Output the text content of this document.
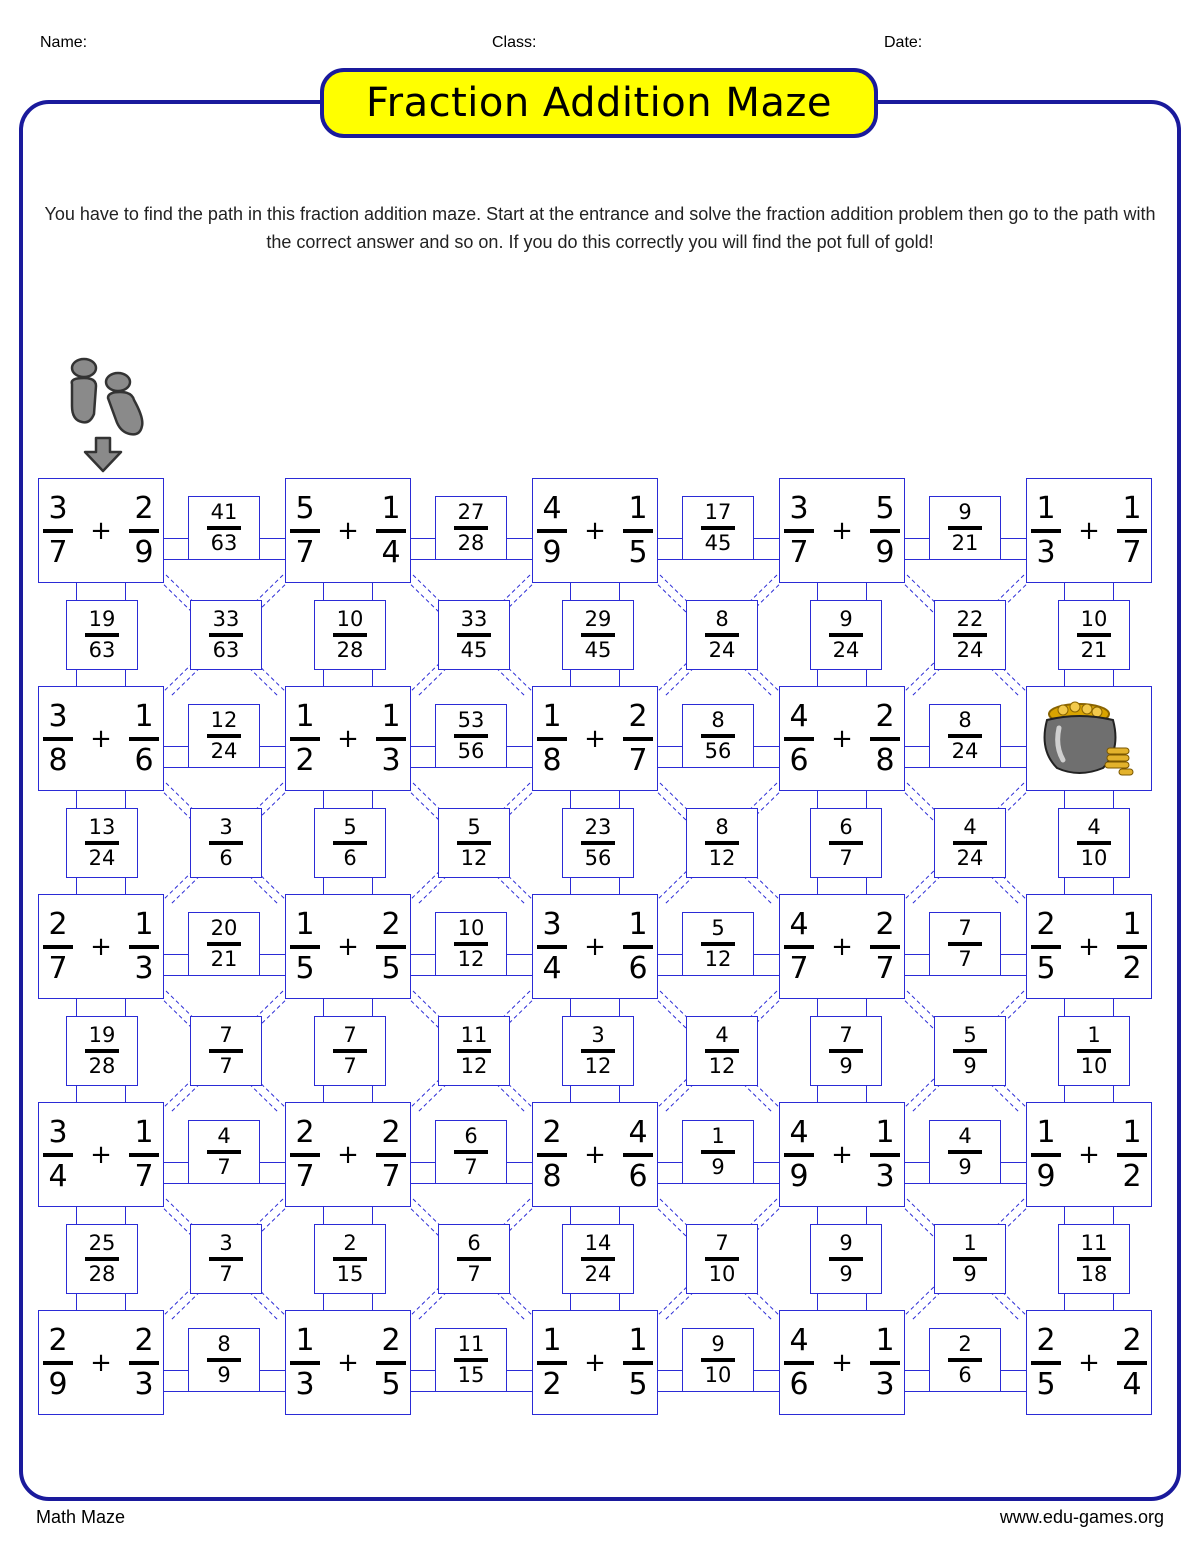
Name:	Class:	Date:
Fraction Addition Maze
You have to find the path in this fraction addition maze. Start at the entrance and solve the fraction addition problem then go to the path with the correct answer and so on. If you do this correctly you will find the pot full of gold!
$\frac{3}{7} + \frac{2}{9}$	$\frac{5}{7} + \frac{1}{4}$	$\frac{4}{9} + \frac{1}{5}$	$\frac{3}{7} + \frac{5}{9}$	$\frac{1}{3} + \frac{1}{7}$
$\frac{3}{8} + \frac{1}{6}$	$\frac{1}{2} + \frac{1}{3}$	$\frac{1}{8} + \frac{2}{7}$	$\frac{4}{6} + \frac{2}{8}$
$\frac{2}{7} + \frac{1}{3}$	$\frac{1}{5} + \frac{2}{5}$	$\frac{3}{4} + \frac{1}{6}$	$\frac{4}{7} + \frac{2}{7}$	$\frac{2}{5} + \frac{1}{2}$
$\frac{3}{4} + \frac{1}{7}$	$\frac{2}{7} + \frac{2}{7}$	$\frac{2}{8} + \frac{4}{6}$	$\frac{4}{9} + \frac{1}{3}$	$\frac{1}{9} + \frac{1}{2}$
$\frac{2}{9} + \frac{2}{3}$	$\frac{1}{3} + \frac{2}{5}$	$\frac{1}{2} + \frac{1}{5}$	$\frac{4}{6} + \frac{1}{3}$	$\frac{2}{5} + \frac{2}{4}$
$\frac{41}{63}$	$\frac{27}{28}$	$\frac{17}{45}$	$\frac{9}{21}$
$\frac{12}{24}$	$\frac{53}{56}$	$\frac{8}{56}$	$\frac{8}{24}$
$\frac{20}{21}$	$\frac{10}{12}$	$\frac{5}{12}$	$\frac{7}{7}$
$\frac{4}{7}$	$\frac{6}{7}$	$\frac{1}{9}$	$\frac{4}{9}$
$\frac{8}{9}$	$\frac{11}{15}$	$\frac{9}{10}$	$\frac{2}{6}$
$\frac{19}{63}$	$\frac{33}{63}$	$\frac{10}{28}$	$\frac{33}{45}$	$\frac{29}{45}$	$\frac{8}{24}$	$\frac{9}{24}$	$\frac{22}{24}$	$\frac{10}{21}$
$\frac{13}{24}$	$\frac{3}{6}$	$\frac{5}{6}$	$\frac{5}{12}$	$\frac{23}{56}$	$\frac{8}{12}$	$\frac{6}{7}$	$\frac{4}{24}$	$\frac{4}{10}$
$\frac{19}{28}$	$\frac{7}{7}$	$\frac{7}{7}$	$\frac{11}{12}$	$\frac{3}{12}$	$\frac{4}{12}$	$\frac{7}{9}$	$\frac{5}{9}$	$\frac{1}{10}$
$\frac{25}{28}$	$\frac{3}{7}$	$\frac{2}{15}$	$\frac{6}{7}$	$\frac{14}{24}$	$\frac{7}{10}$	$\frac{9}{9}$	$\frac{1}{9}$	$\frac{11}{18}$
Math Maze	www.edu-games.org
